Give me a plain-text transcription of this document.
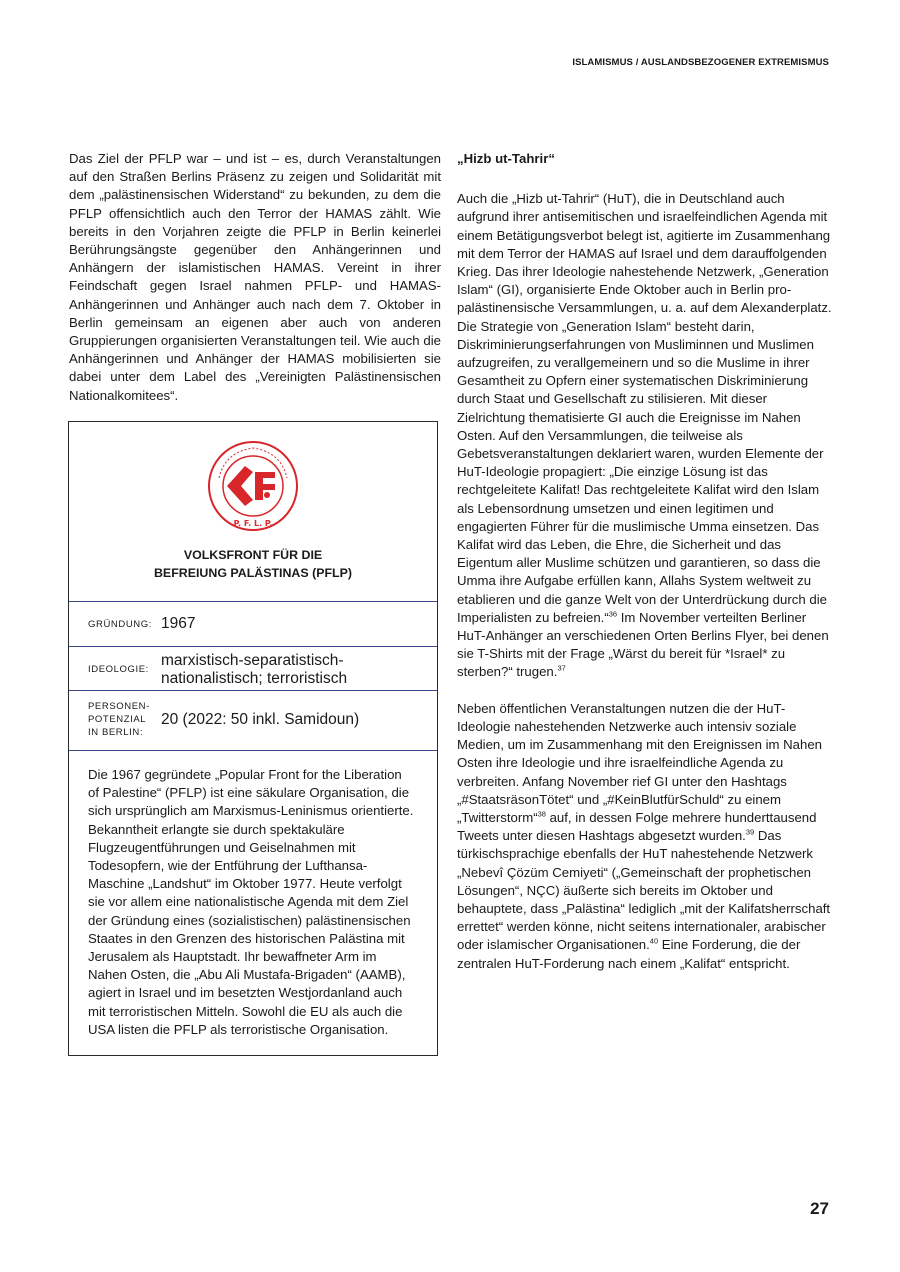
ISLAMISMUS / AUSLANDSBEZOGENER EXTREMISMUS

Das Ziel der PFLP war – und ist – es, durch Veranstaltungen auf den Straßen Berlins Präsenz zu zeigen und Solidarität mit dem „palästinensischen Widerstand“ zu bekunden, zu dem die PFLP offensichtlich auch den Terror der HAMAS zählt. Wie bereits in den Vorjahren zeigte die PFLP in Berlin keinerlei Berührungsängste gegenüber den Anhängerinnen und Anhängern der islamistischen HAMAS. Vereint in ihrer Feindschaft gegen Israel nahmen PFLP- und HAMAS-Anhängerinnen und Anhänger auch nach dem 7. Oktober in Berlin gemeinsam an eigenen aber auch von anderen Gruppierungen organisierten Veranstaltungen teil. Wie auch die Anhängerinnen und Anhänger der HAMAS mobilisierten sie dabei unter dem Label des „Vereinigten Palästinensischen Nationalkomitees“.

P. F. L. P.
VOLKSFRONT FÜR DIE
BEFREIUNG PALÄSTINAS (PFLP)
GRÜNDUNG: 1967
IDEOLOGIE:
marxistisch-separatistisch-
nationalistisch; terroristisch
PERSONEN-
POTENZIAL
IN BERLIN:
20 (2022: 50 inkl. Samidoun)

Die 1967 gegründete „Popular Front for the Liberation of Palestine“ (PFLP) ist eine säkulare Organisation, die sich ursprünglich am Marxismus-Leninismus orientierte. Bekanntheit erlangte sie durch spektakuläre Flugzeugentführungen und Geiselnahmen mit Todesopfern, wie der Entführung der Lufthansa-Maschine „Landshut“ im Oktober 1977. Heute verfolgt sie vor allem eine nationalistische Agenda mit dem Ziel der Gründung eines (sozialistischen) palästinensischen Staates in den Grenzen des historischen Palästina mit Jerusalem als Hauptstadt. Ihr bewaffneter Arm im Nahen Osten, die „Abu Ali Mustafa-Brigaden“ (AAMB), agiert in Israel und im besetzten Westjordanland auch mit terroristischen Mitteln. Sowohl die EU als auch die USA listen die PFLP als terroristische Organisation.

„Hizb ut-Tahrir“

Auch die „Hizb ut-Tahrir“ (HuT), die in Deutschland auch aufgrund ihrer antisemitischen und israelfeindlichen Agenda mit einem Betätigungsverbot belegt ist, agitierte im Zusammenhang mit dem Terror der HAMAS auf Israel und dem darauffolgenden Krieg. Das ihrer Ideologie nahestehende Netzwerk, „Generation Islam“ (GI), organisierte Ende Oktober auch in Berlin pro-palästinensische Versammlungen, u. a. auf dem Alexanderplatz. Die Strategie von „Generation Islam“ besteht darin, Diskriminierungserfahrungen von Musliminnen und Muslimen aufzugreifen, zu verallgemeinern und so die Muslime in ihrer Gesamtheit zu Opfern einer systematischen Diskriminierung durch Staat und Gesellschaft zu stilisieren. Mit dieser Zielrichtung thematisierte GI auch die Ereignisse im Nahen Osten. Auf den Versammlungen, die teilweise als Gebetsveranstaltungen deklariert waren, wurden Elemente der HuT-Ideologie propagiert: „Die einzige Lösung ist das rechtgeleitete Kalifat! Das rechtgeleitete Kalifat wird den Islam als Lebensordnung umsetzen und einen legitimen und engagierten Führer für die muslimische Umma einsetzen. Das Kalifat wird das Leben, die Ehre, die Sicherheit und das Eigentum aller Muslime schützen und garantieren, so dass die Umma ihre Aufgabe erfüllen kann, Allahs System weltweit zu etablieren und die ganze Welt von der Unterdrückung durch die Imperialisten zu befreien.“$^{36}$ Im November verteilten Berliner HuT-Anhänger an verschiedenen Orten Berlins Flyer, bei denen sie T-Shirts mit der Frage „Wärst du bereit für *Israel* zu sterben?“ trugen.$^{37}$

Neben öffentlichen Veranstaltungen nutzen die der HuT-Ideologie nahestehenden Netzwerke auch intensiv soziale Medien, um im Zusammenhang mit den Ereignissen im Nahen Osten ihre Ideologie und ihre israelfeindliche Agenda zu verbreiten. Anfang November rief GI unter den Hashtags „#StaatsräsonTötet“ und „#KeinBlutfürSchuld“ zu einem „Twitterstorm“$^{38}$ auf, in dessen Folge mehrere hunderttausend Tweets unter diesen Hashtags abgesetzt wurden.$^{39}$ Das türkischsprachige ebenfalls der HuT nahestehende Netzwerk „Nebevî Çözüm Cemiyeti“ („Gemeinschaft der prophetischen Lösungen“, NÇC) äußerte sich bereits im Oktober und behauptete, dass „Palästina“ lediglich „mit der Kalifatsherrschaft errettet“ werden könne, nicht seitens internationaler, arabischer oder islamischer Organisationen.$^{40}$ Eine Forderung, die der zentralen HuT-Forderung nach einem „Kalifat“ entspricht.

27
